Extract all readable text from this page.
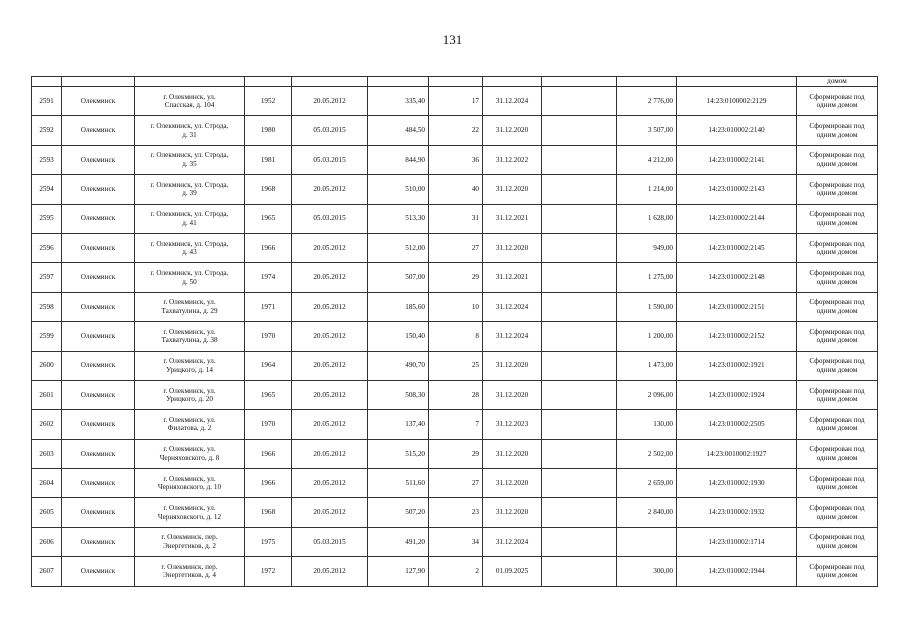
131
											домом
2591	Олекминск	г. Олекминск, ул.
Спасская, д. 104	1952	20.05.2012	335,40	17	31.12.2024		2 776,00	14:23:0100002:2129	Сформирован под одним домом
2592	Олекминск	г. Олекминск, ул. Строда,
д. 31	1980	05.03.2015	484,50	22	31.12.2020		3 507,00	14:23:010002:2140	Сформирован под одним домом
2593	Олекминск	г. Олекминск, ул. Строда,
д. 35	1981	05.03.2015	844,90	36	31.12.2022		4 212,00	14:23:010002:2141	Сформирован под одним домом
2594	Олекминск	г. Олекминск, ул. Строда,
д. 39	1968	20.05.2012	510,00	40	31.12.2020		1 214,00	14:23:010002:2143	Сформирован под одним домом
2595	Олекминск	г. Олекминск, ул. Строда,
д. 41	1965	05.03.2015	513,30	31	31.12.2021		1 628,00	14:23:010002:2144	Сформирован под одним домом
2596	Олекминск	г. Олекминск, ул. Строда,
д. 43	1966	20.05.2012	512,00	27	31.12.2020		949,00	14:23:010002:2145	Сформирован под одним домом
2597	Олекминск	г. Олекминск, ул. Строда,
д. 50	1974	20.05.2012	507,00	29	31.12.2021		1 275,00	14:23:010002:2148	Сформирован под одним домом
2598	Олекминск	г. Олекминск, ул.
Тахватулина, д. 29	1971	20.05.2012	185,60	10	31.12.2024		1 590,00	14:23:010002:2151	Сформирован под одним домом
2599	Олекминск	г. Олекминск, ул.
Тахватулина, д. 38	1970	20.05.2012	150,40	8	31.12.2024		1 200,00	14:23:010002:2152	Сформирован под одним домом
2600	Олекминск	г. Олекминск, ул.
Урицкого, д. 14	1964	20.05.2012	490,70	25	31.12.2020		1 473,00	14:23:010002:1921	Сформирован под одним домом
2601	Олекминск	г. Олекминск, ул.
Урицкого, д. 20	1965	20.05.2012	508,30	28	31.12.2020		2 096,00	14:23:010002:1924	Сформирован под одним домом
2602	Олекминск	г. Олекминск, ул.
Филатова, д. 2	1970	20.05.2012	137,40	7	31.12.2023		130,00	14:23:010002:2505	Сформирован под одним домом
2603	Олекминск	г. Олекминск, ул.
Черняховского, д. 8	1966	20.05.2012	515,20	29	31.12.2020		2 502,00	14:23:0010002:1927	Сформирован под одним домом
2604	Олекминск	г. Олекминск, ул.
Черняховского, д. 10	1966	20.05.2012	511,60	27	31.12.2020		2 659,00	14:23:010002:1930	Сформирован под одним домом
2605	Олекминск	г. Олекминск, ул.
Черняховского, д. 12	1968	20.05.2012	507,20	23	31.12.2020		2 840,00	14:23:010002:1932	Сформирован под одним домом
2606	Олекминск	г. Олекминск, пер.
Энергетиков, д. 2	1975	05.03.2015	491,20	34	31.12.2024			14:23:010002:1714	Сформирован под одним домом
2607	Олекминск	г. Олекминск, пер.
Энергетиков, д. 4	1972	20.05.2012	127,90	2	01.09.2025		300,00	14:23:010002:1944	Сформирован под одним домом
